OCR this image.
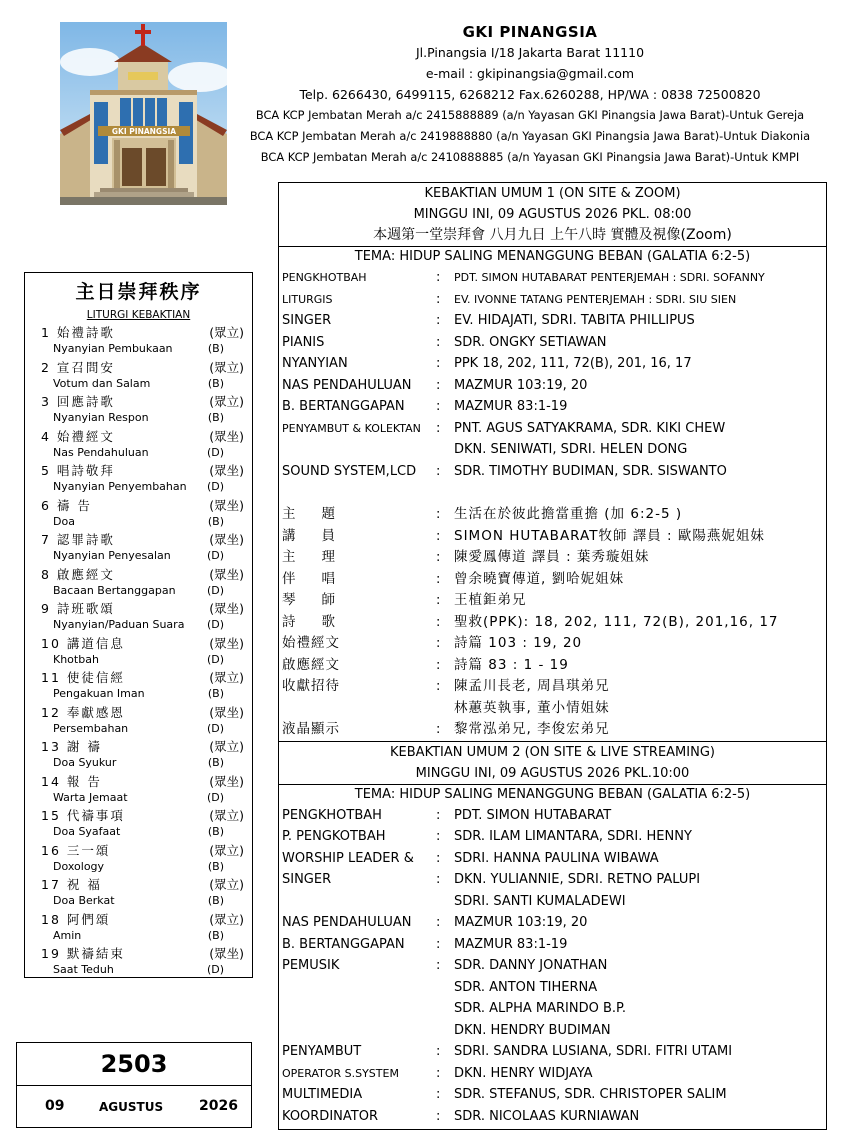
GKI PINANGSIA
GKI PINANGSIA
Jl.Pinangsia I/18 Jakarta Barat 11110
e-mail : gkipinangsia@gmail.com
Telp. 6266430, 6499115, 6268212 Fax.6260288, HP/WA : 0838 72500820
BCA KCP Jembatan Merah a/c 2415888889 (a/n Yayasan GKI Pinangsia Jawa Barat)-Untuk Gereja
BCA KCP Jembatan Merah a/c 2419888880 (a/n Yayasan GKI Pinangsia Jawa Barat)-Untuk Diakonia
BCA KCP Jembatan Merah a/c 2410888885 (a/n Yayasan GKI Pinangsia Jawa Barat)-Untuk KMPI
主日崇拜秩序
LITURGI KEBAKTIAN
1 始禮詩歌	(眾立)
Nyanyian Pembukaan	(B)
2 宣召問安	(眾立)
Votum dan Salam	(B)
3 回應詩歌	(眾立)
Nyanyian Respon	(B)
4 始禮經文	(眾坐)
Nas Pendahuluan	(D)
5 唱詩敬拜	(眾坐)
Nyanyian Penyembahan (D)
6 禱 告	(眾坐)
Doa	(B)
7 認罪詩歌	(眾坐)
Nyanyian Penyesalan	(D)
8 啟應經文	(眾坐)
Bacaan Bertanggapan	(D)
9 詩班歌頌	(眾坐)
Nyanyian/Paduan Suara (D)
10 講道信息	(眾坐)
Khotbah	(D)
11 使徒信經	(眾立)
Pengakuan Iman	(B)
12 奉獻感恩	(眾坐)
Persembahan	(D)
13 謝 禱	(眾立)
Doa Syukur	(B)
14 報 告	(眾坐)
Warta Jemaat	(D)
15 代禱事項	(眾立)
Doa Syafaat	(B)
16 三一頌	(眾立)
Doxology	(B)
17 祝 福	(眾立)
Doa Berkat	(B)
18 阿們頌	(眾立)
Amin	(B)
19 默禱結束	(眾坐)
Saat Teduh	(D)
2503
09	AGUSTUS	2026
KEBAKTIAN UMUM 1 (ON SITE & ZOOM)
MINGGU INI, 09 AGUSTUS 2026 PKL. 08:00
本週第一堂崇拜會 八月九日 上午八時 實體及視像(Zoom)
TEMA: HIDUP SALING MENANGGUNG BEBAN (GALATIA 6:2-5)
PENGKHOTBAH	: PDT. SIMON HUTABARAT PENTERJEMAH : SDRI. SOFANNY
LITURGIS	: EV. IVONNE TATANG PENTERJEMAH : SDRI. SIU SIEN
SINGER	: EV. HIDAJATI, SDRI. TABITA PHILLIPUS
PIANIS	: SDR. ONGKY SETIAWAN
NYANYIAN	: PPK 18, 202, 111, 72(B), 201, 16, 17
NAS PENDAHULUAN : MAZMUR 103:19, 20
B. BERTANGGAPAN : MAZMUR 83:1-19
PENYAMBUT & KOLEKTAN : PNT. AGUS SATYAKRAMA, SDR. KIKI CHEW
DKN. SENIWATI, SDRI. HELEN DONG
SOUND SYSTEM,LCD : SDR. TIMOTHY BUDIMAN, SDR. SISWANTO
主題	: 生活在於彼此擔當重擔 (加 6:2-5 )
講員	: SIMON HUTABARAT牧師 譯員 : 歐陽燕妮姐妹
主理	: 陳愛鳳傳道 譯員 : 葉秀璇姐妹
伴唱	: 曾余曉寶傳道, 劉哈妮姐妹
琴師	: 王植鉅弟兄
詩歌	: 聖救(PPK): 18, 202, 111, 72(B), 201,16, 17
始禮經文	: 詩篇 103 : 19, 20
啟應經文	: 詩篇 83 : 1 - 19
收獻招待	: 陳孟川長老, 周昌琪弟兄
林蕙英執事, 董小情姐妹
液晶顯示	: 黎常泓弟兄, 李俊宏弟兄
KEBAKTIAN UMUM 2 (ON SITE & LIVE STREAMING)
MINGGU INI, 09 AGUSTUS 2026 PKL.10:00
TEMA: HIDUP SALING MENANGGUNG BEBAN (GALATIA 6:2-5)
PENGKHOTBAH	: PDT. SIMON HUTABARAT
P. PENGKOTBAH	: SDR. ILAM LIMANTARA, SDRI. HENNY
WORSHIP LEADER & : SDRI. HANNA PAULINA WIBAWA
SINGER	: DKN. YULIANNIE, SDRI. RETNO PALUPI
SDRI. SANTI KUMALADEWI
NAS PENDAHULUAN : MAZMUR 103:19, 20
B. BERTANGGAPAN : MAZMUR 83:1-19
PEMUSIK	: SDR. DANNY JONATHAN
SDR. ANTON TIHERNA
SDR. ALPHA MARINDO B.P.
DKN. HENDRY BUDIMAN
PENYAMBUT	: SDRI. SANDRA LUSIANA, SDRI. FITRI UTAMI
OPERATOR S.SYSTEM	: DKN. HENRY WIDJAYA
MULTIMEDIA	: SDR. STEFANUS, SDR. CHRISTOPER SALIM
KOORDINATOR	: SDR. NICOLAAS KURNIAWAN
